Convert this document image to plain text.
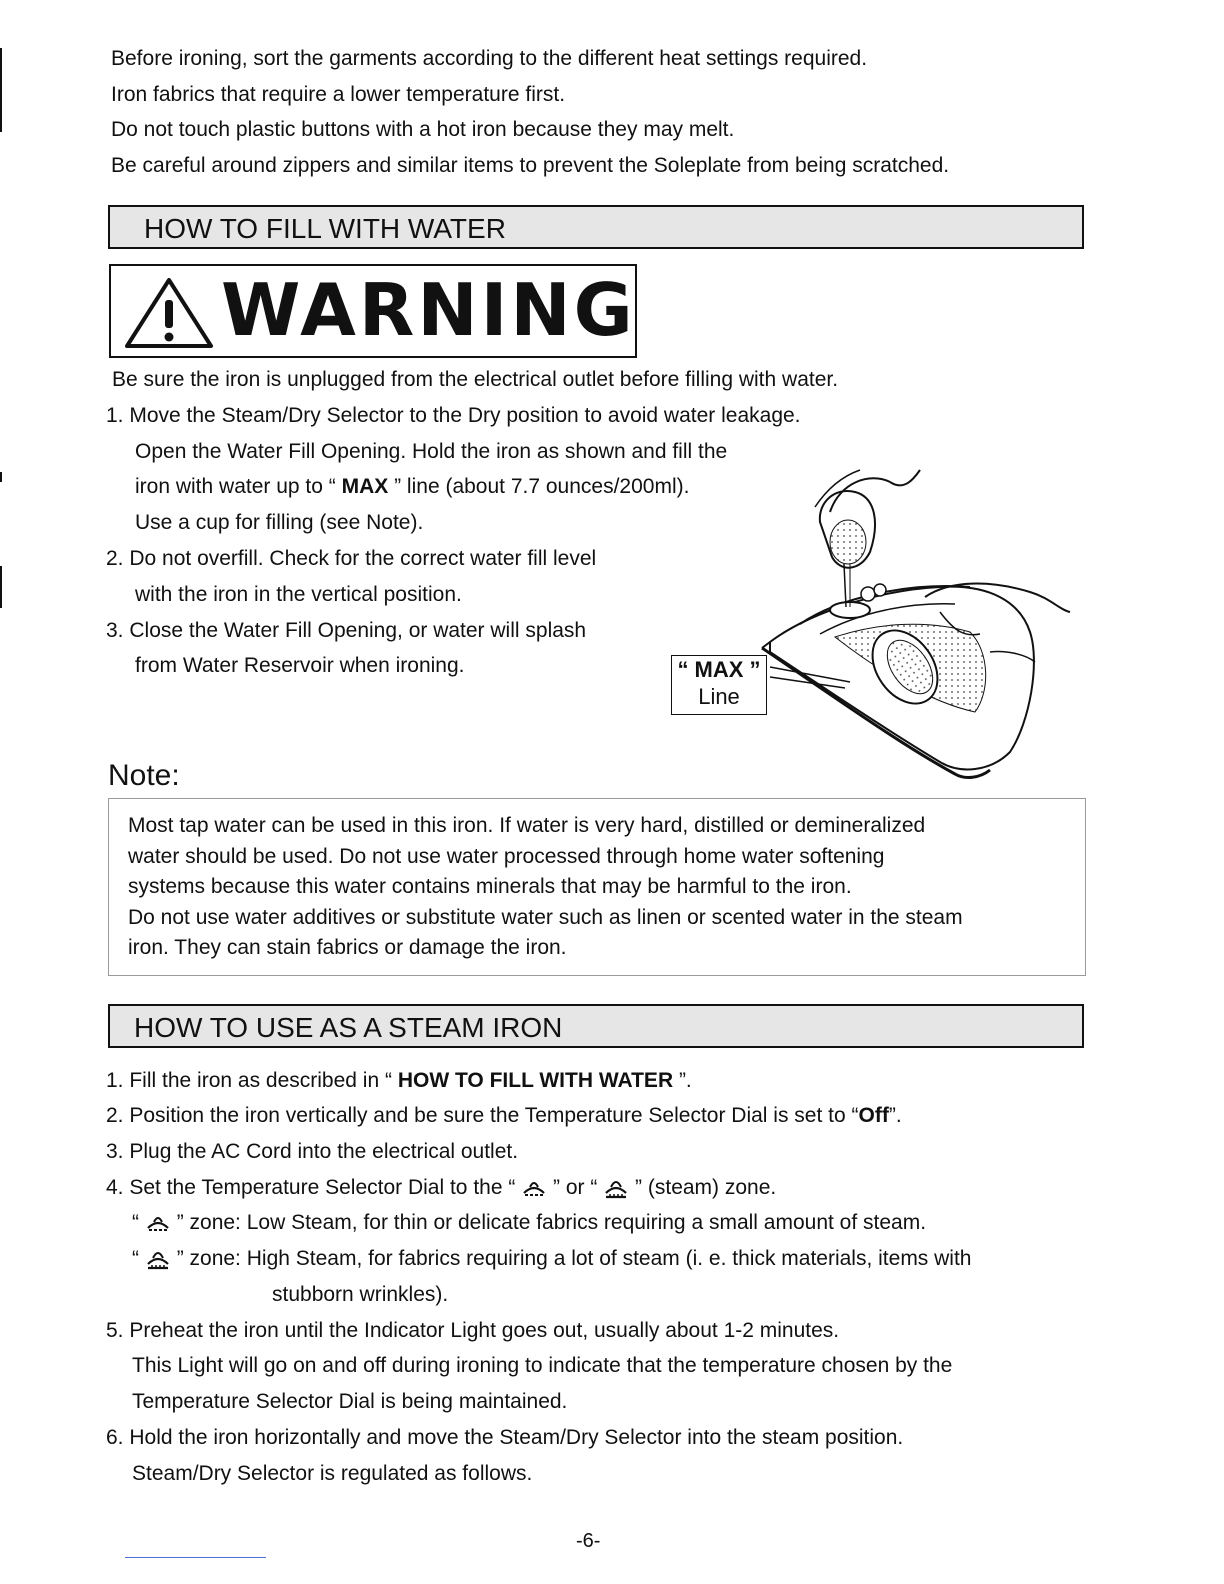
Before ironing, sort the garments according to the different heat settings required.
Iron fabrics that require a lower temperature first.
Do not touch plastic buttons with a hot iron because they may melt.
Be careful around zippers and similar items to prevent the Soleplate from being scratched.
HOW TO FILL WITH WATER
WARNING
Be sure the iron is unplugged from the electrical outlet before filling with water.
1. Move the Steam/Dry Selector to the Dry position to avoid water leakage.
Open the Water Fill Opening. Hold the iron as shown and fill the
iron with water up to “ MAX ” line (about 7.7 ounces/200ml).
Use a cup for filling (see Note).
2. Do not overfill. Check for the correct water fill level
with the iron in the vertical position.
3. Close the Water Fill Opening, or water will splash
from Water Reservoir when ironing.	“ MAX ”
Line
Note:
Most tap water can be used in this iron. If water is very hard, distilled or demineralized
water should be used. Do not use water processed through home water softening
systems because this water contains minerals that may be harmful to the iron.
Do not use water additives or substitute water such as linen or scented water in the steam
iron. They can stain fabrics or damage the iron.
HOW TO USE AS A STEAM IRON
1. Fill the iron as described in “ HOW TO FILL WITH WATER ”.
2. Position the iron vertically and be sure the Temperature Selector Dial is set to “Off”.
3. Plug the AC Cord into the electrical outlet.
4. Set the Temperature Selector Dial to the “ ” or “ ” (steam) zone.
“ ” zone: Low Steam, for thin or delicate fabrics requiring a small amount of steam.
“ ” zone: High Steam, for fabrics requiring a lot of steam (i. e. thick materials, items with
stubborn wrinkles).
5. Preheat the iron until the Indicator Light goes out, usually about 1-2 minutes.
This Light will go on and off during ironing to indicate that the temperature chosen by the
Temperature Selector Dial is being maintained.
6. Hold the iron horizontally and move the Steam/Dry Selector into the steam position.
Steam/Dry Selector is regulated as follows.
-6-
